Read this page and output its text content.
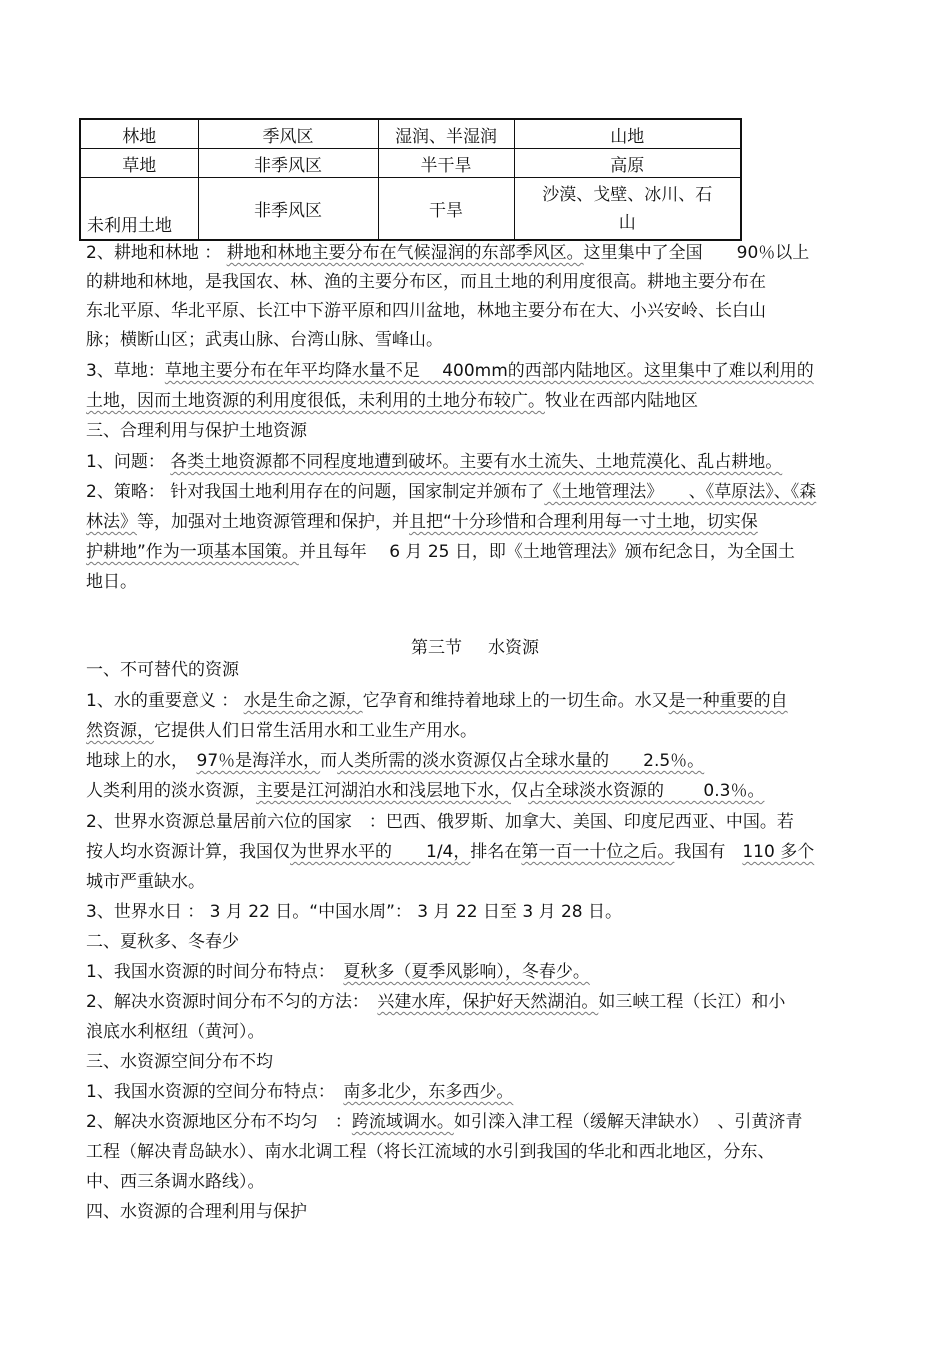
林地	季风区	湿润、半湿润	山地
草地	非季风区	半干旱	高原
未利用土地	非季风区	干旱	沙漠、戈壁、冰川、石山
2、耕地和林地 ： 耕地和林地主要分布在气候湿润的东部季风区。这里集中了全国　　90％以上
的耕地和林地，是我国农、林、渔的主要分布区，而且土地的利用度很高。耕地主要分布在
东北平原、华北平原、长江中下游平原和四川盆地，林地主要分布在大、小兴安岭、长白山
脉；横断山区；武夷山脉、台湾山脉、雪峰山。
3、草地：草地主要分布在年平均降水量不足　 400mm的西部内陆地区。这里集中了难以利用的
土地，因而土地资源的利用度很低，未利用的土地分布较广。牧业在西部内陆地区
三、合理利用与保护土地资源
1、问题： 各类土地资源都不同程度地遭到破坏。主要有水土流失、土地荒漠化、乱占耕地。
2、策略： 针对我国土地利用存在的问题，国家制定并颁布了《土地管理法》　　、《草原法》、《森
林法》等，加强对土地资源管理和保护，并且把“十分珍惜和合理利用每一寸土地，切实保
护耕地”作为一项基本国策。并且每年　 6 月 25 日，即《土地管理法》颁布纪念日，为全国土
地日。
一、不可替代的资源
1、水的重要意义 ： 水是生命之源，它孕育和维持着地球上的一切生命。水又是一种重要的自
然资源，它提供人们日常生活用水和工业生产用水。
地球上的水，　97％是海洋水，而人类所需的淡水资源仅占全球水量的　　2.5％。
人类利用的淡水资源，主要是江河湖泊水和浅层地下水，仅占全球淡水资源的　　 0.3％。
2、世界水资源总量居前六位的国家　：巴西、俄罗斯、加拿大、美国、印度尼西亚、中国。若
按人均水资源计算，我国仅为世界水平的　　1/4，排名在第一百一十位之后。我国有　110 多个
城市严重缺水。
3、世界水日 ： 3 月 22 日。“中国水周”： 3 月 22 日至 3 月 28 日。
二、夏秋多、冬春少
1、我国水资源的时间分布特点：　夏秋多（夏季风影响），冬春少。
2、解决水资源时间分布不匀的方法：　兴建水库，保护好天然湖泊。如三峡工程（长江）和小
浪底水利枢纽（黄河）。
三、水资源空间分布不均
1、我国水资源的空间分布特点：　南多北少，东多西少。
2、解决水资源地区分布不均匀　：跨流域调水。如引滦入津工程（缓解天津缺水）　、引黄济青
工程（解决青岛缺水）、南水北调工程（将长江流域的水引到我国的华北和西北地区，分东、
中、西三条调水路线）。
四、水资源的合理利用与保护
第三节 水资源
